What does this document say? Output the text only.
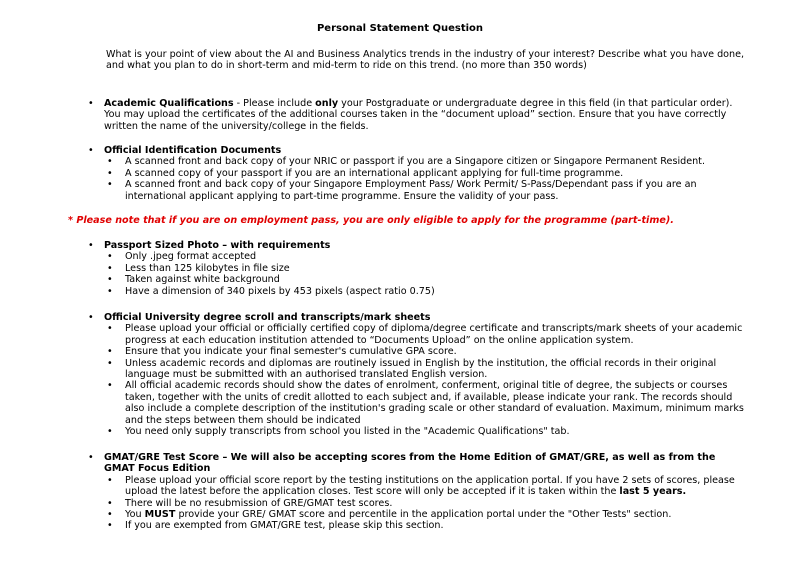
Personal Statement Question
What is your point of view about the AI and Business Analytics trends in the industry of your interest? Describe what you have done, and what you plan to do in short-term and mid-term to ride on this trend. (no more than 350 words)
• Academic Qualifications - Please include only your Postgraduate or undergraduate degree in this field (in that particular order). You may upload the certificates of the additional courses taken in the “document upload” section. Ensure that you have correctly written the name of the university/college in the fields.
• Official Identification Documents
• A scanned front and back copy of your NRIC or passport if you are a Singapore citizen or Singapore Permanent Resident.
• A scanned copy of your passport if you are an international applicant applying for full-time programme.
• A scanned front and back copy of your Singapore Employment Pass/ Work Permit/ S-Pass/Dependant pass if you are an international applicant applying to part-time programme. Ensure the validity of your pass.
* Please note that if you are on employment pass, you are only eligible to apply for the programme (part-time).
• Passport Sized Photo – with requirements
• Only .jpeg format accepted
• Less than 125 kilobytes in file size
• Taken against white background
• Have a dimension of 340 pixels by 453 pixels (aspect ratio 0.75)
• Official University degree scroll and transcripts/mark sheets
• Please upload your official or officially certified copy of diploma/degree certificate and transcripts/mark sheets of your academic progress at each education institution attended to “Documents Upload” on the online application system.
• Ensure that you indicate your final semester's cumulative GPA score.
• Unless academic records and diplomas are routinely issued in English by the institution, the official records in their original language must be submitted with an authorised translated English version.
• All official academic records should show the dates of enrolment, conferment, original title of degree, the subjects or courses taken, together with the units of credit allotted to each subject and, if available, please indicate your rank. The records should also include a complete description of the institution's grading scale or other standard of evaluation. Maximum, minimum marks and the steps between them should be indicated
• You need only supply transcripts from school you listed in the "Academic Qualifications" tab.
• GMAT/GRE Test Score – We will also be accepting scores from the Home Edition of GMAT/GRE, as well as from the GMAT Focus Edition
• Please upload your official score report by the testing institutions on the application portal. If you have 2 sets of scores, please upload the latest before the application closes. Test score will only be accepted if it is taken within the last 5 years.
• There will be no resubmission of GRE/GMAT test scores.
• You MUST provide your GRE/ GMAT score and percentile in the application portal under the "Other Tests" section.
• If you are exempted from GMAT/GRE test, please skip this section.
